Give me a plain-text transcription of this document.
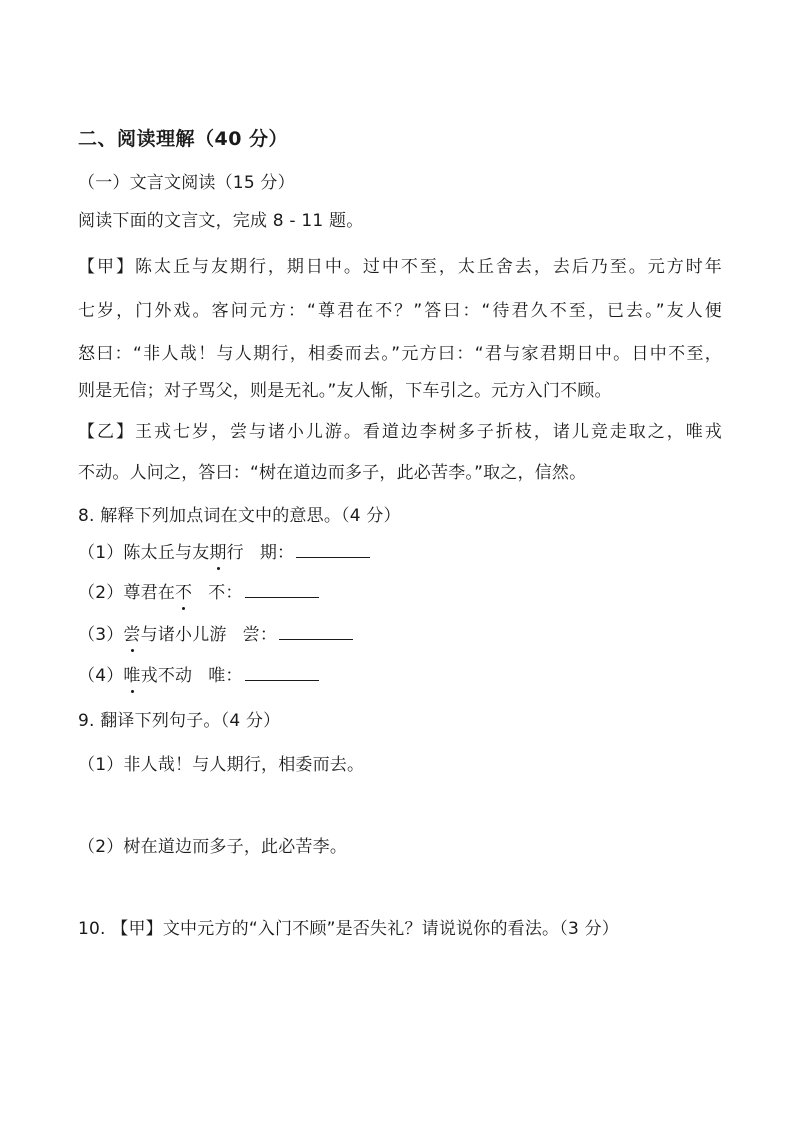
二、阅读理解（40 分）
（一）文言文阅读（15 分）
阅读下面的文言文，完成 8 - 11 题。
【甲】陈太丘与友期行，期日中。过中不至，太丘舍去，去后乃至。元方时年
七岁，门外戏。客问元方：“尊君在不？”答曰：“待君久不至，已去。”友人便
怒曰：“非人哉！与人期行，相委而去。”元方曰：“君与家君期日中。日中不至，
则是无信；对子骂父，则是无礼。”友人惭，下车引之。元方入门不顾。
【乙】王戎七岁，尝与诸小儿游。看道边李树多子折枝，诸儿竞走取之，唯戎
不动。人问之，答曰：“树在道边而多子，此必苦李。”取之，信然。
8. 解释下列加点词在文中的意思。（4 分）
（1）陈太丘与友期行 期：
（2）尊君在不 不：
（3）尝与诸小儿游 尝：
（4）唯戎不动 唯：
9. 翻译下列句子。（4 分）
（1）非人哉！与人期行，相委而去。
（2）树在道边而多子，此必苦李。
10. 【甲】文中元方的“入门不顾”是否失礼？请说说你的看法。（3 分）
